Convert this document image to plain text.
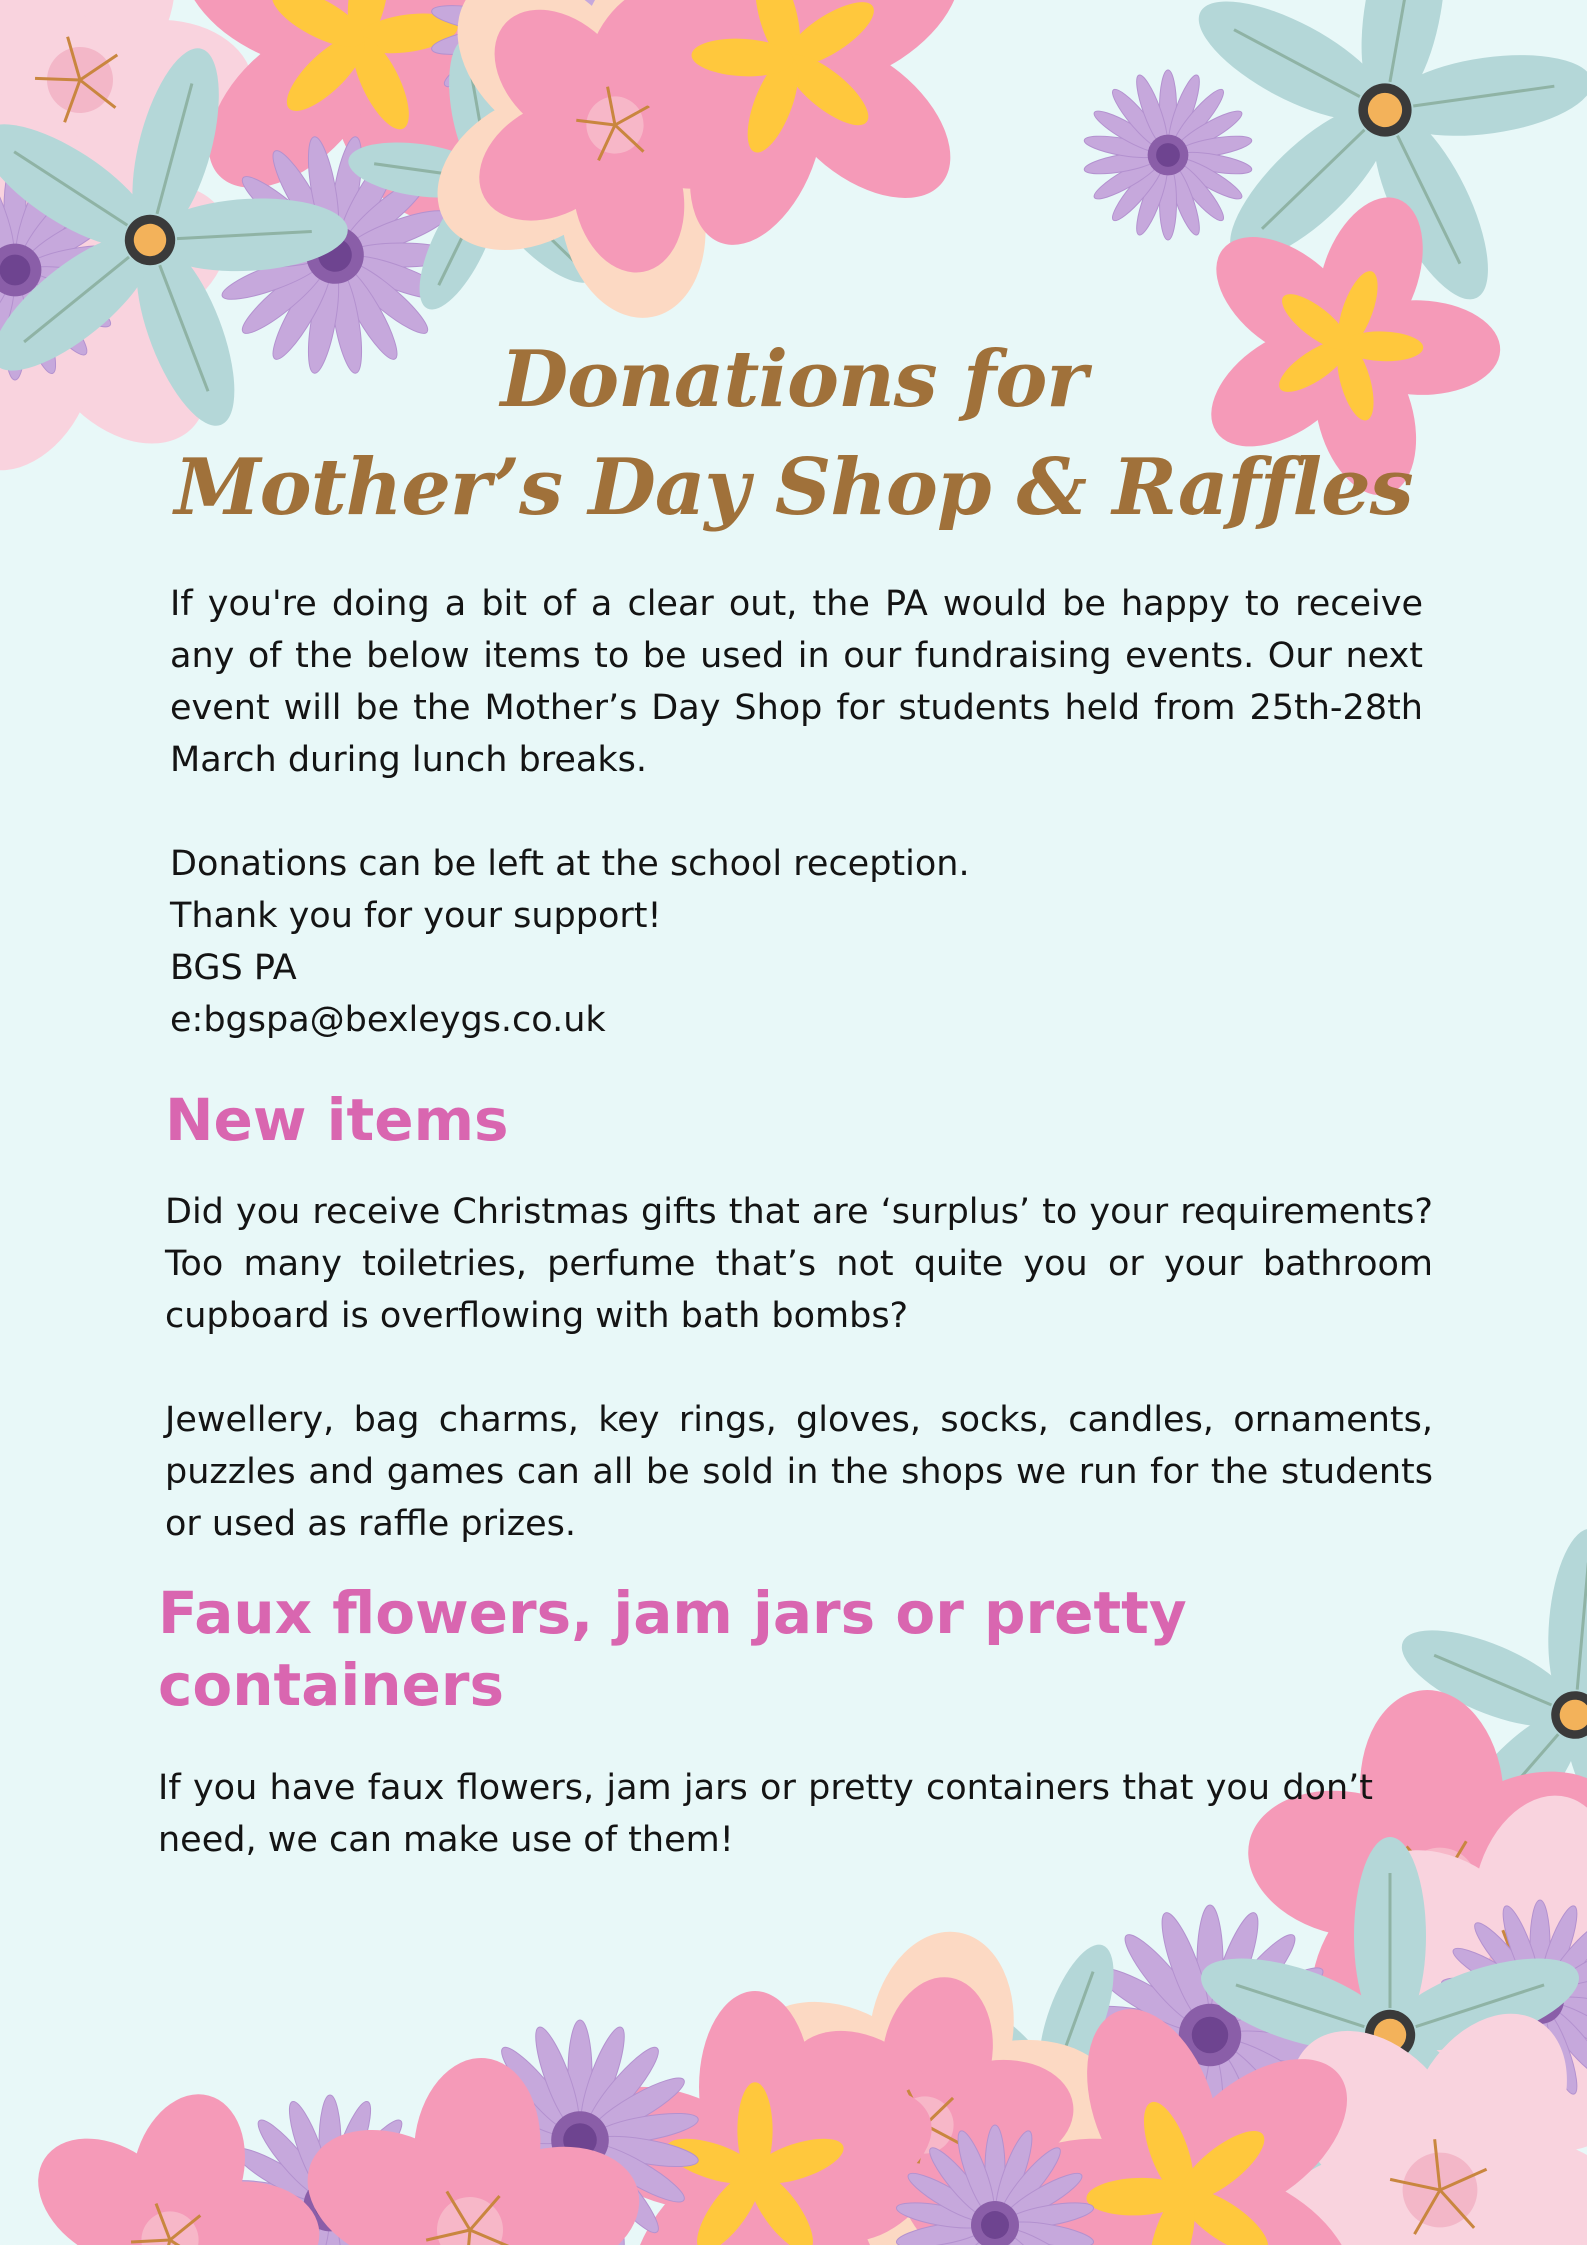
Donations for
Mother’s Day Shop & Raffles

If you're doing a bit of a clear out, the PA would be happy to receive any of the below items to be used in our fundraising events. Our next event will be the Mother’s Day Shop for students held from 25th-28th March during lunch breaks.

Donations can be left at the school reception.

Thank you for your support!

BGS PA

e:bgspa@bexleygs.co.uk

New items

Did you receive Christmas gifts that are ‘surplus’ to your requirements? Too many toiletries, perfume that’s not quite you or your bathroom cupboard is overflowing with bath bombs?

Jewellery, bag charms, key rings, gloves, socks, candles, ornaments, puzzles and games can all be sold in the shops we run for the students or used as raffle prizes.

Faux flowers, jam jars or pretty
containers

If you have faux flowers, jam jars or pretty containers that you don’t need, we can make use of them!
